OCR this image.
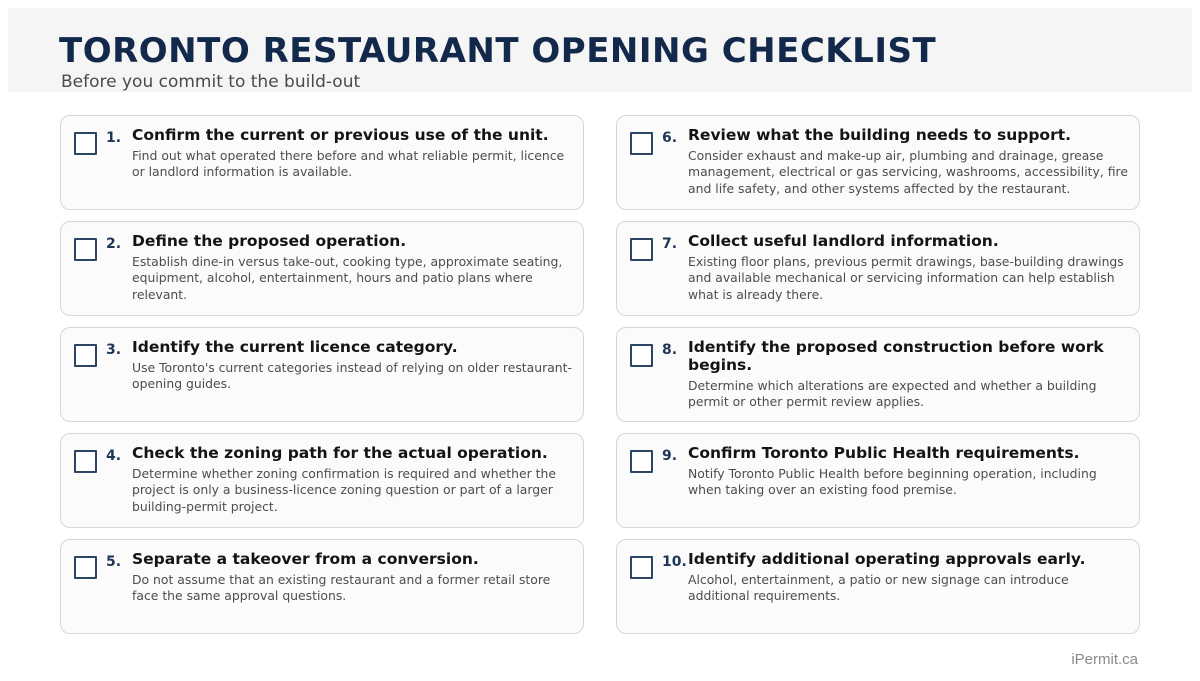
TORONTO RESTAURANT OPENING CHECKLIST
Before you commit to the build-out
1. Confirm the current or previous use of the unit.
Find out what operated there before and what reliable permit, licence or landlord information is available.
2. Define the proposed operation.
Establish dine-in versus take-out, cooking type, approximate seating, equipment, alcohol, entertainment, hours and patio plans where relevant.
3. Identify the current licence category.
Use Toronto's current categories instead of relying on older restaurant-opening guides.
4. Check the zoning path for the actual operation.
Determine whether zoning confirmation is required and whether the project is only a business-licence zoning question or part of a larger building-permit project.
5. Separate a takeover from a conversion.
Do not assume that an existing restaurant and a former retail store face the same approval questions.
6. Review what the building needs to support.
Consider exhaust and make-up air, plumbing and drainage, grease management, electrical or gas servicing, washrooms, accessibility, fire and life safety, and other systems affected by the restaurant.
7. Collect useful landlord information.
Existing floor plans, previous permit drawings, base-building drawings and available mechanical or servicing information can help establish what is already there.
8. Identify the proposed construction before work begins.
Determine which alterations are expected and whether a building permit or other permit review applies.
9. Confirm Toronto Public Health requirements.
Notify Toronto Public Health before beginning operation, including when taking over an existing food premise.
10. Identify additional operating approvals early.
Alcohol, entertainment, a patio or new signage can introduce additional requirements.
iPermit.ca
